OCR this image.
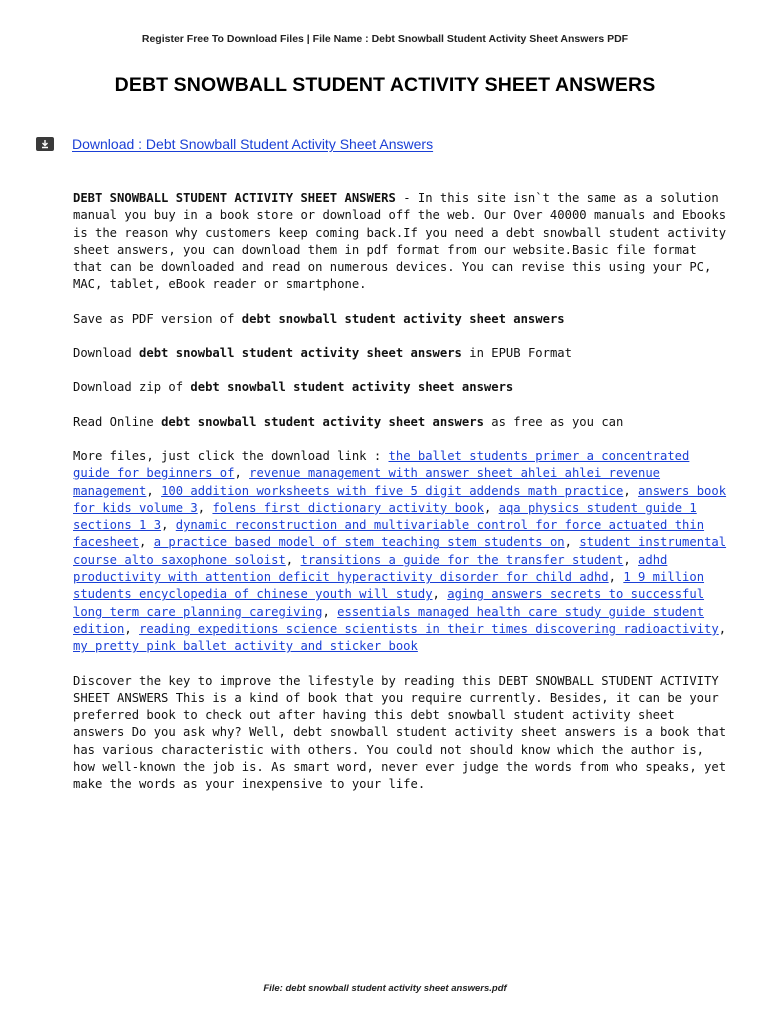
Register Free To Download Files | File Name : Debt Snowball Student Activity Sheet Answers PDF
DEBT SNOWBALL STUDENT ACTIVITY SHEET ANSWERS
Download : Debt Snowball Student Activity Sheet Answers

DEBT SNOWBALL STUDENT ACTIVITY SHEET ANSWERS - In this site isn`t the same as a solution manual you buy in a book store or download off the web. Our Over 40000 manuals and Ebooks is the reason why customers keep coming back.If you need a debt snowball student activity sheet answers, you can download them in pdf format from our website.Basic file format that can be downloaded and read on numerous devices. You can revise this using your PC, MAC, tablet, eBook reader or smartphone.

Save as PDF version of debt snowball student activity sheet answers

Download debt snowball student activity sheet answers in EPUB Format

Download zip of debt snowball student activity sheet answers

Read Online debt snowball student activity sheet answers as free as you can

More files, just click the download link : the ballet students primer a concentrated guide for beginners of, revenue management with answer sheet ahlei ahlei revenue management, 100 addition worksheets with five 5 digit addends math practice, answers book for kids volume 3, folens first dictionary activity book, aqa physics student guide 1 sections 1 3, dynamic reconstruction and multivariable control for force actuated thin facesheet, a practice based model of stem teaching stem students on, student instrumental course alto saxophone soloist, transitions a guide for the transfer student, adhd productivity with attention deficit hyperactivity disorder for child adhd, 1 9 million students encyclopedia of chinese youth will study, aging answers secrets to successful long term care planning caregiving, essentials managed health care study guide student edition, reading expeditions science scientists in their times discovering radioactivity, my pretty pink ballet activity and sticker book

Discover the key to improve the lifestyle by reading this DEBT SNOWBALL STUDENT ACTIVITY SHEET ANSWERS This is a kind of book that you require currently. Besides, it can be your preferred book to check out after having this debt snowball student activity sheet answers Do you ask why? Well, debt snowball student activity sheet answers is a book that has various characteristic with others. You could not should know which the author is, how well-known the job is. As smart word, never ever judge the words from who speaks, yet make the words as your inexpensive to your life.

File: debt snowball student activity sheet answers.pdf
